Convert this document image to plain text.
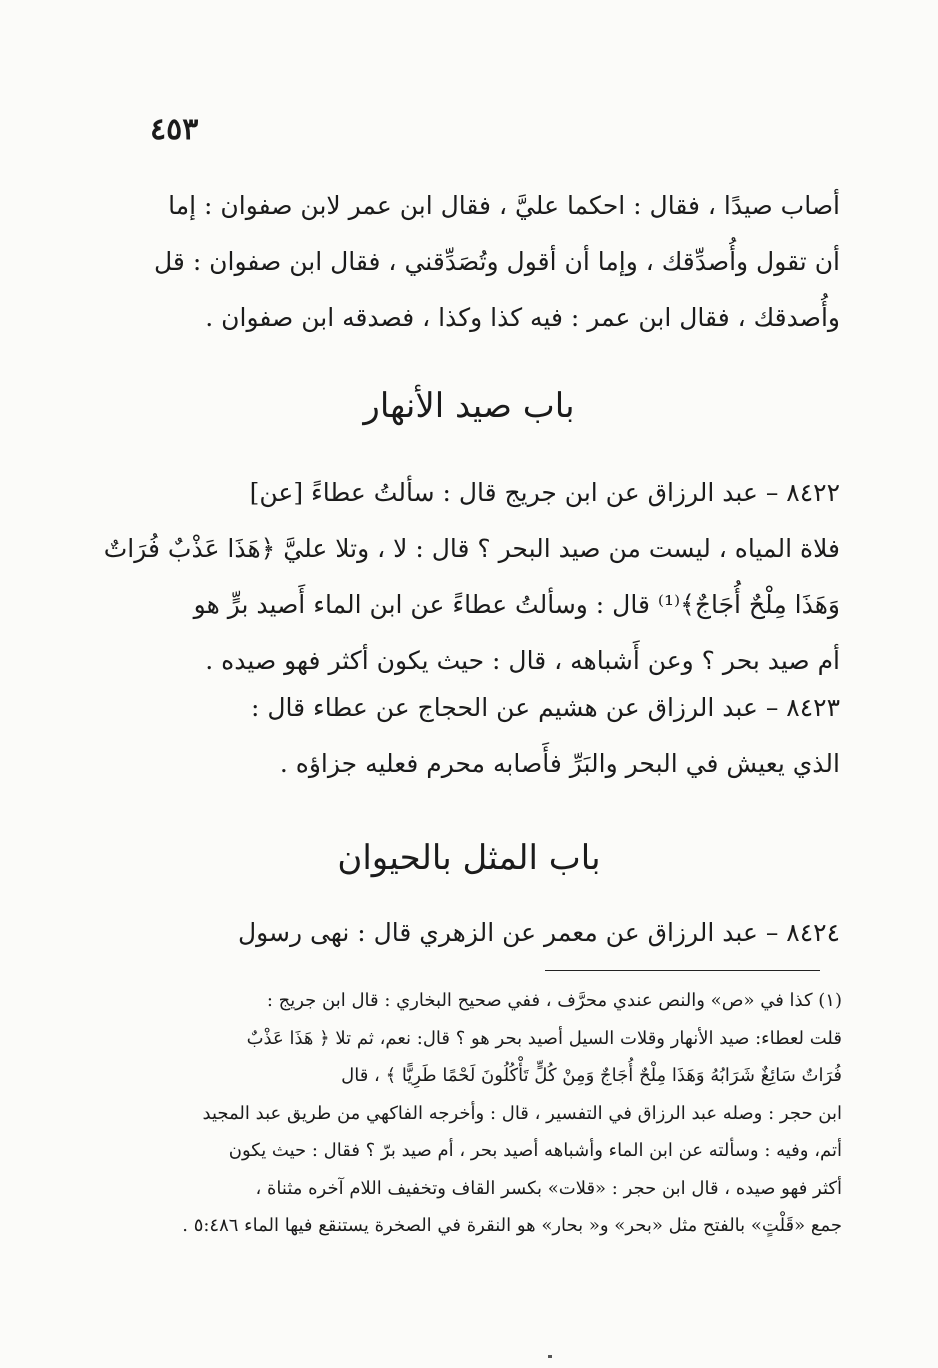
٤٥٣
أصاب صيدًا ، فقال : احكما عليَّ ، فقال ابن عمر لابن صفوان : إما
أن تقول وأُصدِّقك ، وإما أن أقول وتُصَدِّقني ، فقال ابن صفوان : قل
وأُصدقك ، فقال ابن عمر : فيه كذا وكذا ، فصدقه ابن صفوان .
باب صيد الأنهار
٨٤٢٢ – عبد الرزاق عن ابن جريج قال : سألتُ عطاءً [عن]
فلاة المياه ، ليست من صيد البحر ؟ قال : لا ، وتلا عليَّ ﴿هَذَا عَذْبٌ فُرَاتٌ
وَهَذَا مِلْحٌ أُجَاجٌ﴾⁽¹⁾ قال : وسألتُ عطاءً عن ابن الماء أَصيد برٍّ هو
أم صيد بحر ؟ وعن أَشباهه ، قال : حيث يكون أكثر فهو صيده .
٨٤٢٣ – عبد الرزاق عن هشيم عن الحجاج عن عطاء قال :
الذي يعيش في البحر والبَرِّ فأَصابه محرم فعليه جزاؤه .
باب المثل بالحيوان
٨٤٢٤ – عبد الرزاق عن معمر عن الزهري قال : نهى رسول
(١) كذا في «ص» والنص عندي محرَّف ، ففي صحيح البخاري : قال ابن جريج :
قلت لعطاء: صيد الأنهار وقلات السيل أصيد بحر هو ؟ قال: نعم، ثم تلا ﴿ هَذَا عَذْبٌ
فُرَاتٌ سَائِغٌ شَرَابُهُ وَهَذَا مِلْحٌ أُجَاجٌ وَمِنْ كُلٍّ تَأْكُلُونَ لَحْمًا طَرِيًّا ﴾ ، قال
ابن حجر : وصله عبد الرزاق في التفسير ، قال : وأخرجه الفاكهي من طريق عبد المجيد
أتم، وفيه : وسألته عن ابن الماء وأشباهه أصيد بحر ، أم صيد برّ ؟ فقال : حيث يكون
أكثر فهو صيده ، قال ابن حجر : «قلات» بكسر القاف وتخفيف اللام آخره مثناة ،
جمع «قَلْتٍ» بالفتح مثل «بحر» و« بحار» هو النقرة في الصخرة يستنقع فيها الماء ٥:٤٨٦ .
